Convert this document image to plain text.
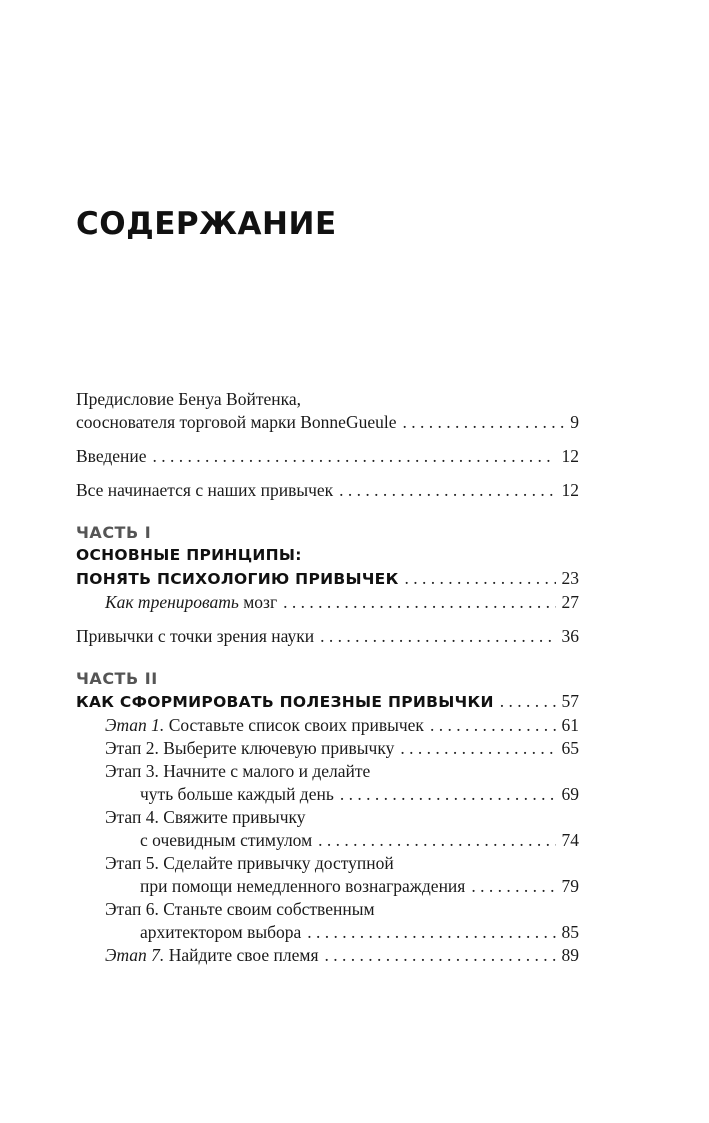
СОДЕРЖАНИЕ
Предисловие Бенуа Войтенка,
сооснователя торговой марки BonneGueule . . .	9
Введение . . .	12
Все начинается с наших привычек . . .	12
ЧАСТЬ I
ОСНОВНЫЕ ПРИНЦИПЫ:
ПОНЯТЬ ПСИХОЛОГИЮ ПРИВЫЧЕК . . .	23
Как тренировать мозг . . .	27
Привычки с точки зрения науки . . .	36
ЧАСТЬ II
КАК СФОРМИРОВАТЬ ПОЛЕЗНЫЕ ПРИВЫЧКИ . . .	57
Этап 1. Составьте список своих привычек . . .	61
Этап 2. Выберите ключевую привычку . . .	65
Этап 3. Начните с малого и делайте
чуть больше каждый день . . .	69
Этап 4. Свяжите привычку
с очевидным стимулом . . .	74
Этап 5. Сделайте привычку доступной
при помощи немедленного вознаграждения . . .	79
Этап 6. Станьте своим собственным
архитектором выбора . . .	85
Этап 7. Найдите свое племя . . .	89
